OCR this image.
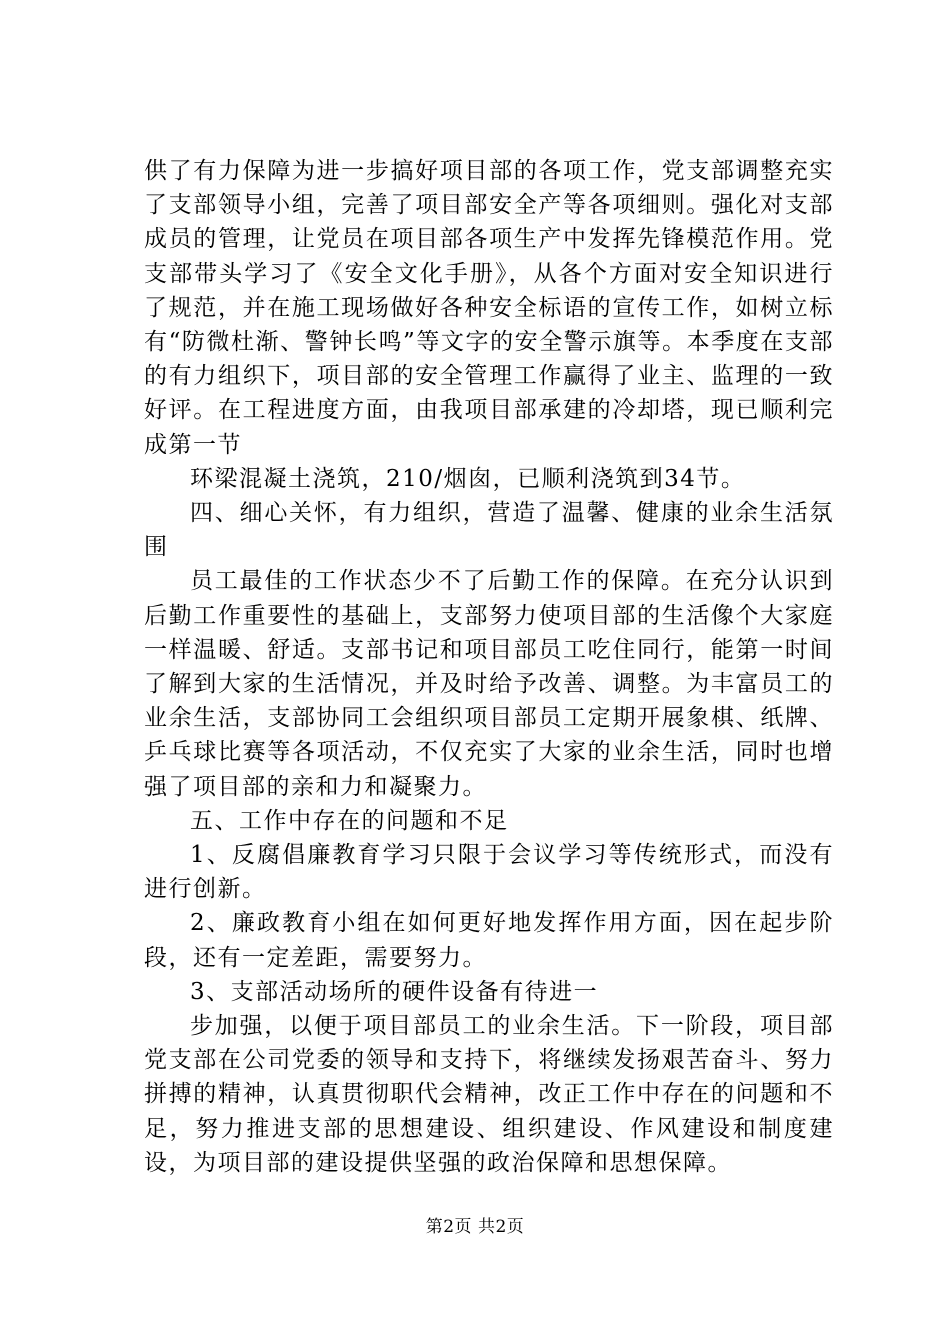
供了有力保障为进一步搞好项目部的各项工作，党支部调整充实了支部领导小组，完善了项目部安全产等各项细则。强化对支部成员的管理，让党员在项目部各项生产中发挥先锋模范作用。党支部带头学习了《安全文化手册》，从各个方面对安全知识进行了规范，并在施工现场做好各种安全标语的宣传工作，如树立标有“防微杜渐、警钟长鸣”等文字的安全警示旗等。本季度在支部的有力组织下，项目部的安全管理工作赢得了业主、监理的一致好评。在工程进度方面，由我项目部承建的冷却塔，现已顺利完成第一节

环梁混凝土浇筑，210/烟囱，已顺利浇筑到34节。

四、细心关怀，有力组织，营造了温馨、健康的业余生活氛围

员工最佳的工作状态少不了后勤工作的保障。在充分认识到后勤工作重要性的基础上，支部努力使项目部的生活像个大家庭一样温暖、舒适。支部书记和项目部员工吃住同行，能第一时间了解到大家的生活情况，并及时给予改善、调整。为丰富员工的业余生活，支部协同工会组织项目部员工定期开展象棋、纸牌、乒乓球比赛等各项活动，不仅充实了大家的业余生活，同时也增强了项目部的亲和力和凝聚力。

五、工作中存在的问题和不足

1、反腐倡廉教育学习只限于会议学习等传统形式，而没有进行创新。

2、廉政教育小组在如何更好地发挥作用方面，因在起步阶段，还有一定差距，需要努力。

3、支部活动场所的硬件设备有待进一

步加强，以便于项目部员工的业余生活。下一阶段，项目部党支部在公司党委的领导和支持下，将继续发扬艰苦奋斗、努力拼搏的精神，认真贯彻职代会精神，改正工作中存在的问题和不足，努力推进支部的思想建设、组织建设、作风建设和制度建设，为项目部的建设提供坚强的政治保障和思想保障。

第2页 共2页
